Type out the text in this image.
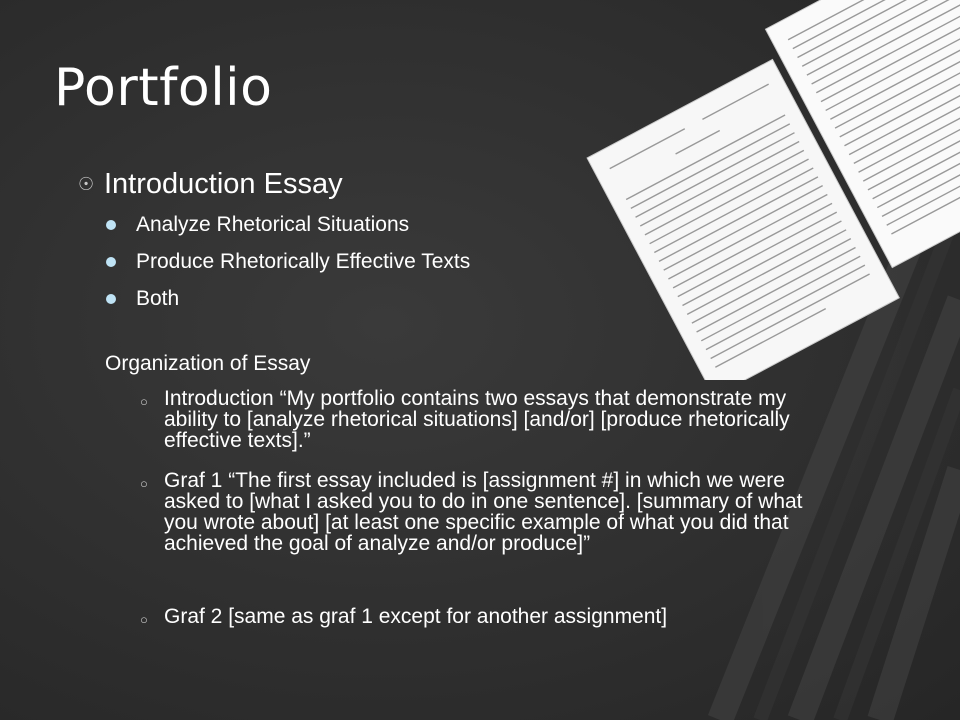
Portfolio
☉ Introduction Essay
Analyze Rhetorical Situations
Produce Rhetorically Effective Texts
Both
Organization of Essay
○ Introduction “My portfolio contains two essays that demonstrate my ability to [analyze rhetorical situations] [and/or] [produce rhetorically effective texts].”
○ Graf 1 “The first essay included is [assignment #] in which we were asked to [what I asked you to do in one sentence]. [summary of what you wrote about] [at least one specific example of what you did that achieved the goal of analyze and/or produce]”
○ Graf 2 [same as graf 1 except for another assignment]
